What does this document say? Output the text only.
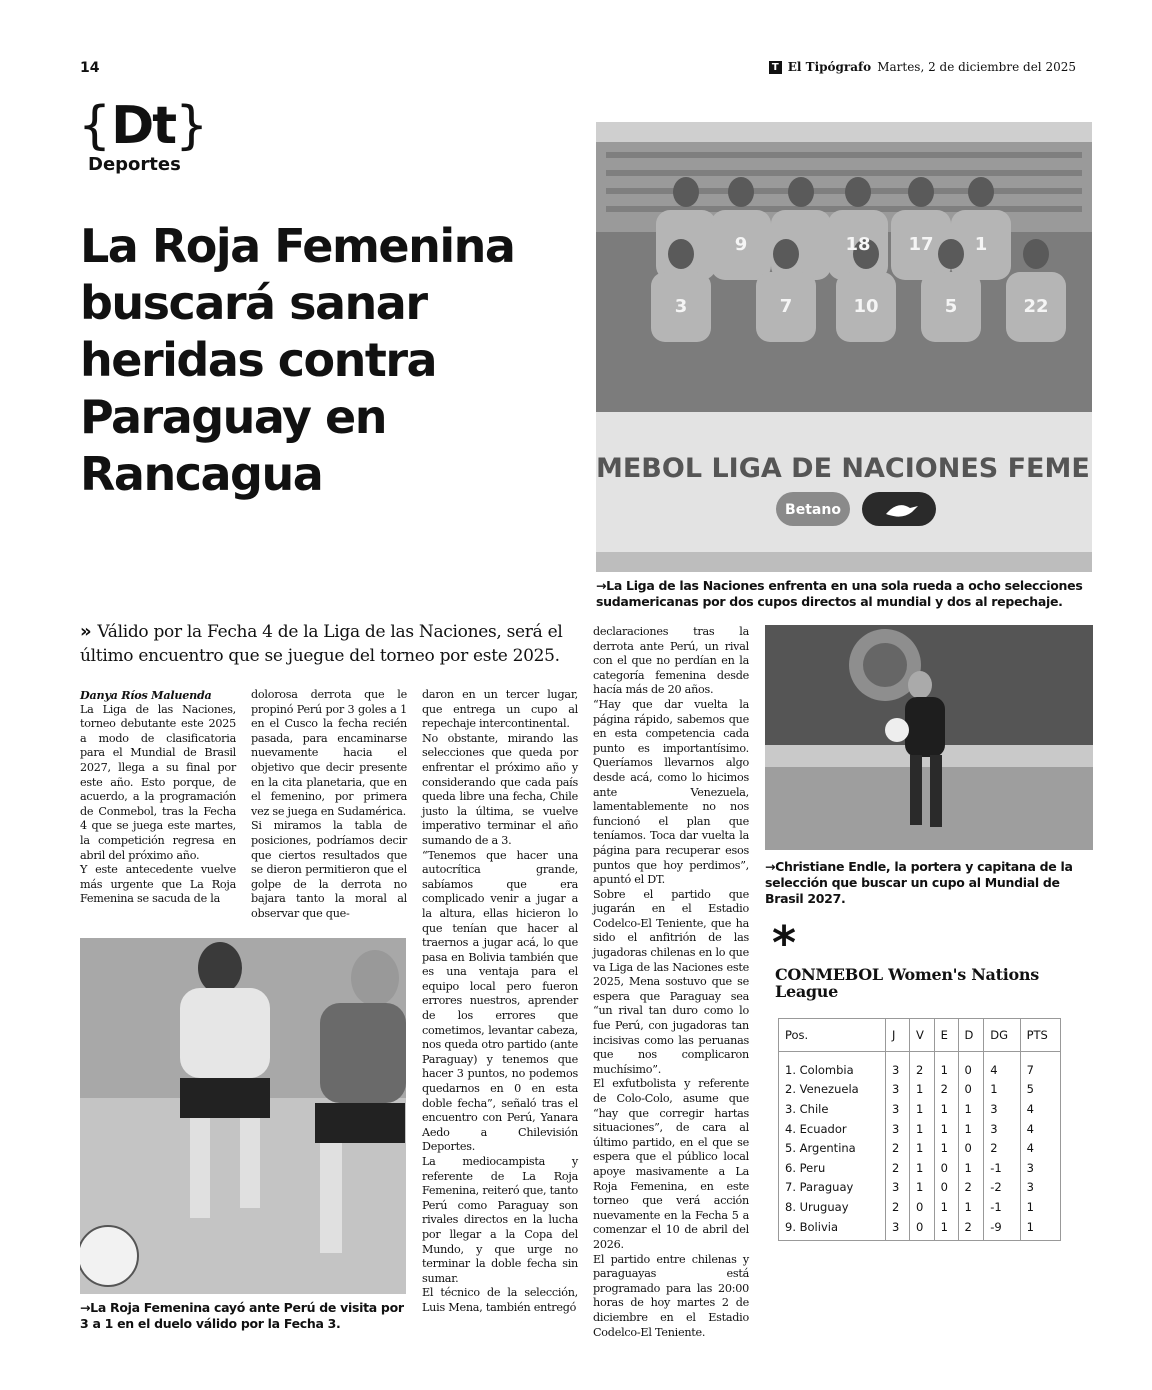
14	T El Tipógrafo Martes, 2 de diciembre del 2025
{Dt}
Deportes
La Roja Femenina buscará sanar heridas contra Paraguay en Rancagua
9	18 17 1
3	7	10	5	22
MEBOL LIGA DE NACIONES FEME
Betano
→La Liga de las Naciones enfrenta en una sola rueda a ocho selecciones sudamericanas por dos cupos directos al mundial y dos al repechaje.
» Válido por la Fecha 4 de la Liga de las Naciones, será el último encuentro que se juegue del torneo por este 2025.

Danya Ríos Maluenda

La Liga de las Naciones, torneo debutante este 2025 a modo de clasificatoria para el Mundial de Brasil 2027, llega a su final por este año. Esto porque, de acuerdo, a la programación de Conmebol, tras la Fecha 4 que se juega este martes, la competición regresa en abril del próximo año.

Y este antecedente vuelve más urgente que La Roja Femenina se sacuda de la

dolorosa derrota que le propinó Perú por 3 goles a 1 en el Cusco la fecha recién pasada, para encaminarse nuevamente hacia el objetivo que decir presente en la cita planetaria, que en el femenino, por primera vez se juega en Sudamérica.

Si miramos la tabla de posiciones, podríamos decir que ciertos resultados que se dieron permitieron que el golpe de la derrota no bajara tanto la moral al observar que que-

→La Roja Femenina cayó ante Perú de visita por 3 a 1 en el duelo válido por la Fecha 3.

daron en un tercer lugar, que entrega un cupo al repechaje intercontinental.

No obstante, mirando las selecciones que queda por enfrentar el próximo año y considerando que cada país queda libre una fecha, Chile justo la última, se vuelve imperativo terminar el año sumando de a 3.

“Tenemos que hacer una autocrítica grande, sabíamos que era complicado venir a jugar a la altura, ellas hicieron lo que tenían que hacer al traernos a jugar acá, lo que pasa en Bolivia también que es una ventaja para el equipo local pero fueron errores nuestros, aprender de los errores que cometimos, levantar cabeza, nos queda otro partido (ante Paraguay) y tenemos que hacer 3 puntos, no podemos quedarnos en 0 en esta doble fecha”, señaló tras el encuentro con Perú, Yanara Aedo a Chilevisión Deportes.

La mediocampista y referente de La Roja Femenina, reiteró que, tanto Perú como Paraguay son rivales directos en la lucha por llegar a la Copa del Mundo, y que urge no terminar la doble fecha sin sumar.

El técnico de la selección, Luis Mena, también entregó

declaraciones tras la derrota ante Perú, un rival con el que no perdían en la categoría femenina desde hacía más de 20 años.

“Hay que dar vuelta la página rápido, sabemos que en esta competencia cada punto es importantísimo. Queríamos llevarnos algo desde acá, como lo hicimos ante Venezuela, lamentablemente no nos funcionó el plan que teníamos. Toca dar vuelta la página para recuperar esos puntos que hoy perdimos”, apuntó el DT.

Sobre el partido que jugarán en el Estadio Codelco-El Teniente, que ha sido el anfitrión de las jugadoras chilenas en lo que va Liga de las Naciones este 2025, Mena sostuvo que se espera que Paraguay sea “un rival tan duro como lo fue Perú, con jugadoras tan incisivas como las peruanas que nos complicaron muchísimo”.

El exfutbolista y referente de Colo-Colo, asume que “hay que corregir hartas situaciones”, de cara al último partido, en el que se espera que el público local apoye masivamente a La Roja Femenina, en este torneo que verá acción nuevamente en la Fecha 5 a comenzar el 10 de abril del 2026.

El partido entre chilenas y paraguayas está programado para las 20:00 horas de hoy martes 2 de diciembre en el Estadio Codelco-El Teniente.

→Christiane Endle, la portera y capitana de la selección que buscar un cupo al Mundial de Brasil 2027.
*
CONMEBOL Women's Nations League
Pos.	J	V	E	D	DG	PTS
1. Colombia	3	2	1	0	4	7
2. Venezuela	3	1	2	0	1	5
3. Chile	3	1	1	1	3	4
4. Ecuador	3	1	1	1	3	4
5. Argentina	2	1	1	0	2	4
6. Peru	2	1	0	1	-1	3
7. Paraguay	3	1	0	2	-2	3
8. Uruguay	2	0	1	1	-1	1
9. Bolivia	3	0	1	2	-9	1
